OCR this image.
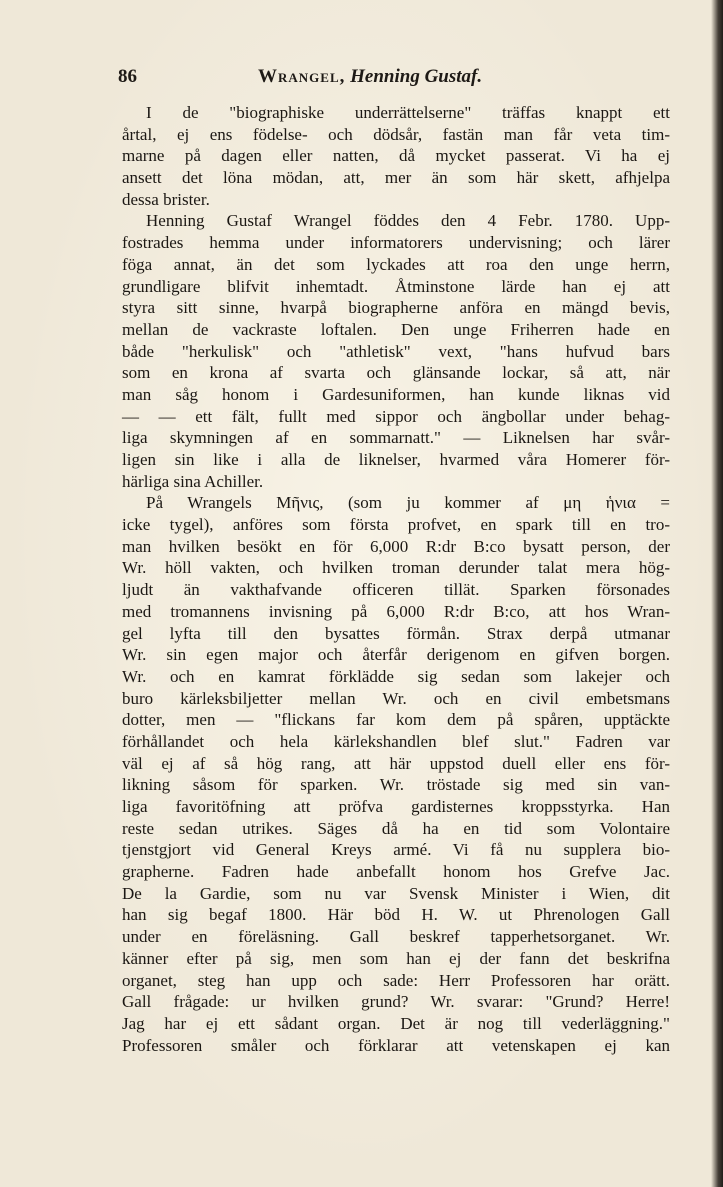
86	Wrangel, Henning Gustaf.
I de "biographiske underrättelserne" träffas knappt ett
årtal, ej ens födelse- och dödsår, fastän man får veta tim-
marne på dagen eller natten, då mycket passerat. Vi ha ej
ansett det löna mödan, att, mer än som här skett, afhjelpa
dessa brister.
Henning Gustaf Wrangel föddes den 4 Febr. 1780. Upp-
fostrades hemma under informatorers undervisning; och lärer
föga annat, än det som lyckades att roa den unge herrn,
grundligare blifvit inhemtadt. Åtminstone lärde han ej att
styra sitt sinne, hvarpå biographerne anföra en mängd bevis,
mellan de vackraste loftalen. Den unge Friherren hade en
både "herkulisk" och "athletisk" vext, "hans hufvud bars
som en krona af svarta och glänsande lockar, så att, när
man såg honom i Gardesuniformen, han kunde liknas vid
— — ett fält, fullt med sippor och ängbollar under behag-
liga skymningen af en sommarnatt." — Liknelsen har svår-
ligen sin like i alla de liknelser, hvarmed våra Homerer för-
härliga sina Achiller.
På Wrangels Μῆνις, (som ju kommer af μη ἡνια =
icke tygel), anföres som första profvet, en spark till en tro-
man hvilken besökt en för 6,000 R:dr B:co bysatt person, der
Wr. höll vakten, och hvilken troman derunder talat mera hög-
ljudt än vakthafvande officeren tillät. Sparken försonades
med tromannens invisning på 6,000 R:dr B:co, att hos Wran-
gel lyfta till den bysattes förmån. Strax derpå utmanar
Wr. sin egen major och återfår derigenom en gifven borgen.
Wr. och en kamrat förklädde sig sedan som lakejer och
buro kärleksbiljetter mellan Wr. och en civil embetsmans
dotter, men — "flickans far kom dem på spåren, upptäckte
förhållandet och hela kärlekshandlen blef slut." Fadren var
väl ej af så hög rang, att här uppstod duell eller ens för-
likning såsom för sparken. Wr. tröstade sig med sin van-
liga favoritöfning att pröfva gardisternes kroppsstyrka. Han
reste sedan utrikes. Säges då ha en tid som Volontaire
tjenstgjort vid General Kreys armé. Vi få nu supplera bio-
grapherne. Fadren hade anbefallt honom hos Grefve Jac.
De la Gardie, som nu var Svensk Minister i Wien, dit
han sig begaf 1800. Här böd H. W. ut Phrenologen Gall
under en föreläsning. Gall beskref tapperhetsorganet. Wr.
känner efter på sig, men som han ej der fann det beskrifna
organet, steg han upp och sade: Herr Professoren har orätt.
Gall frågade: ur hvilken grund? Wr. svarar: "Grund? Herre!
Jag har ej ett sådant organ. Det är nog till vederläggning."
Professoren småler och förklarar att vetenskapen ej kan
